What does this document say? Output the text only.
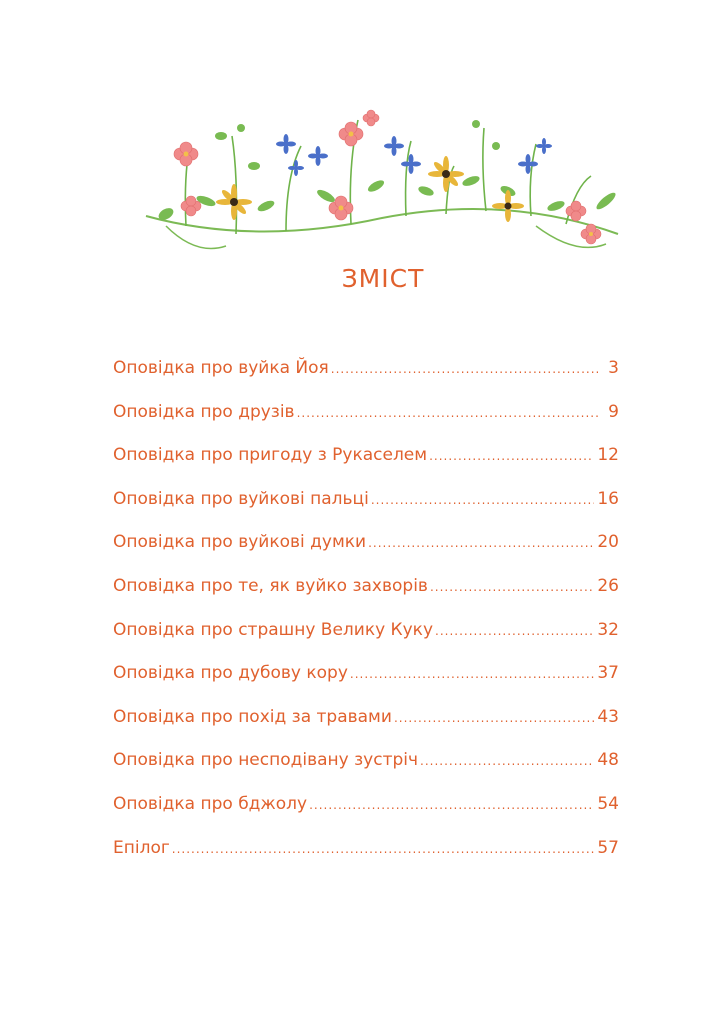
ЗМІСТ
Оповідка про вуйка Йоя .....	3
Оповідка про друзів .....	9
Оповідка про пригоду з Рукаселем .....	12
Оповідка про вуйкові пальці .....	16
Оповідка про вуйкові думки .....	20
Оповідка про те, як вуйко захворів .....	26
Оповідка про страшну Велику Куку .....	32
Оповідка про дубову кору .....	37
Оповідка про похід за травами .....	43
Оповідка про несподівану зустріч .....	48
Оповідка про бджолу .....	54
Епілог .....	57
